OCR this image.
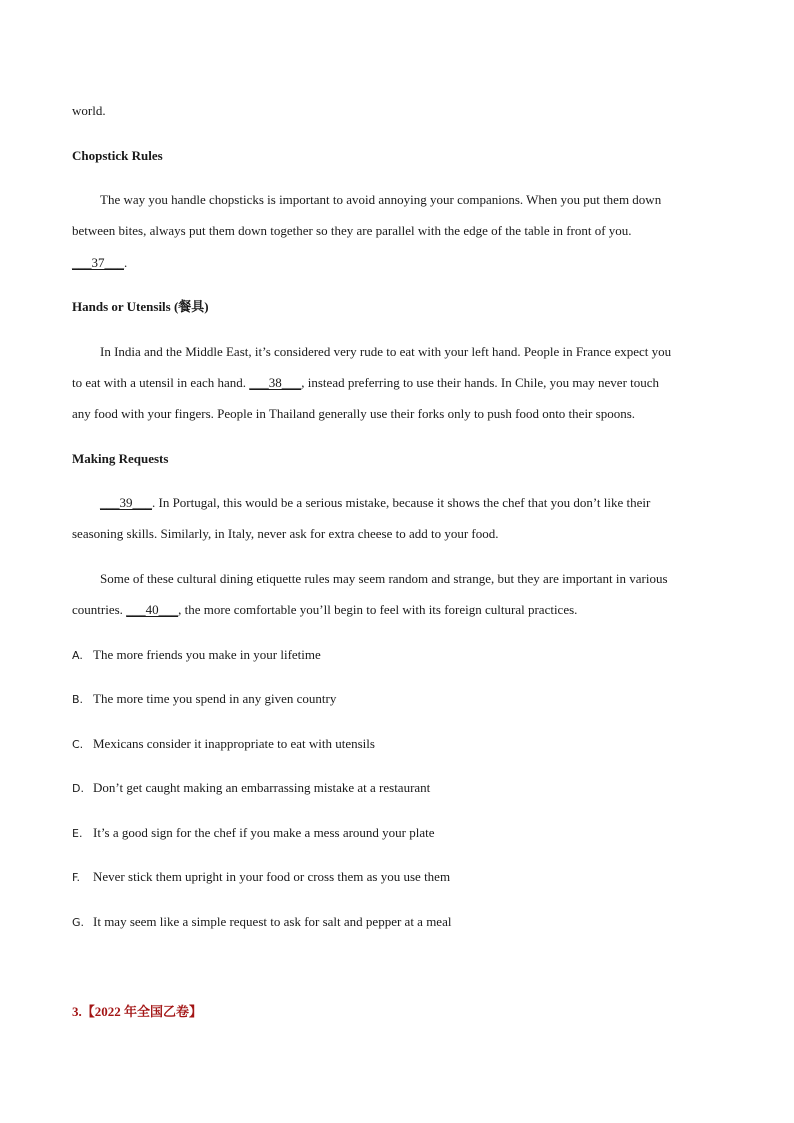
world.
Chopstick Rules
The way you handle chopsticks is important to avoid annoying your companions. When you put them down
between bites, always put them down together so they are parallel with the edge of the table in front of you.
___37___.
Hands or Utensils (餐具)
In India and the Middle East, it’s considered very rude to eat with your left hand. People in France expect you
to eat with a utensil in each hand. ___38___, instead preferring to use their hands. In Chile, you may never touch
any food with your fingers. People in Thailand generally use their forks only to push food onto their spoons.
Making Requests
___39___. In Portugal, this would be a serious mistake, because it shows the chef that you don’t like their
seasoning skills. Similarly, in Italy, never ask for extra cheese to add to your food.
Some of these cultural dining etiquette rules may seem random and strange, but they are important in various
countries. ___40___, the more comfortable you’ll begin to feel with its foreign cultural practices.
A. The more friends you make in your lifetime
B. The more time you spend in any given country
C. Mexicans consider it inappropriate to eat with utensils
D. Don’t get caught making an embarrassing mistake at a restaurant
E. It’s a good sign for the chef if you make a mess around your plate
F. Never stick them upright in your food or cross them as you use them
G. It may seem like a simple request to ask for salt and pepper at a meal
3.【2022 年全国乙卷】
